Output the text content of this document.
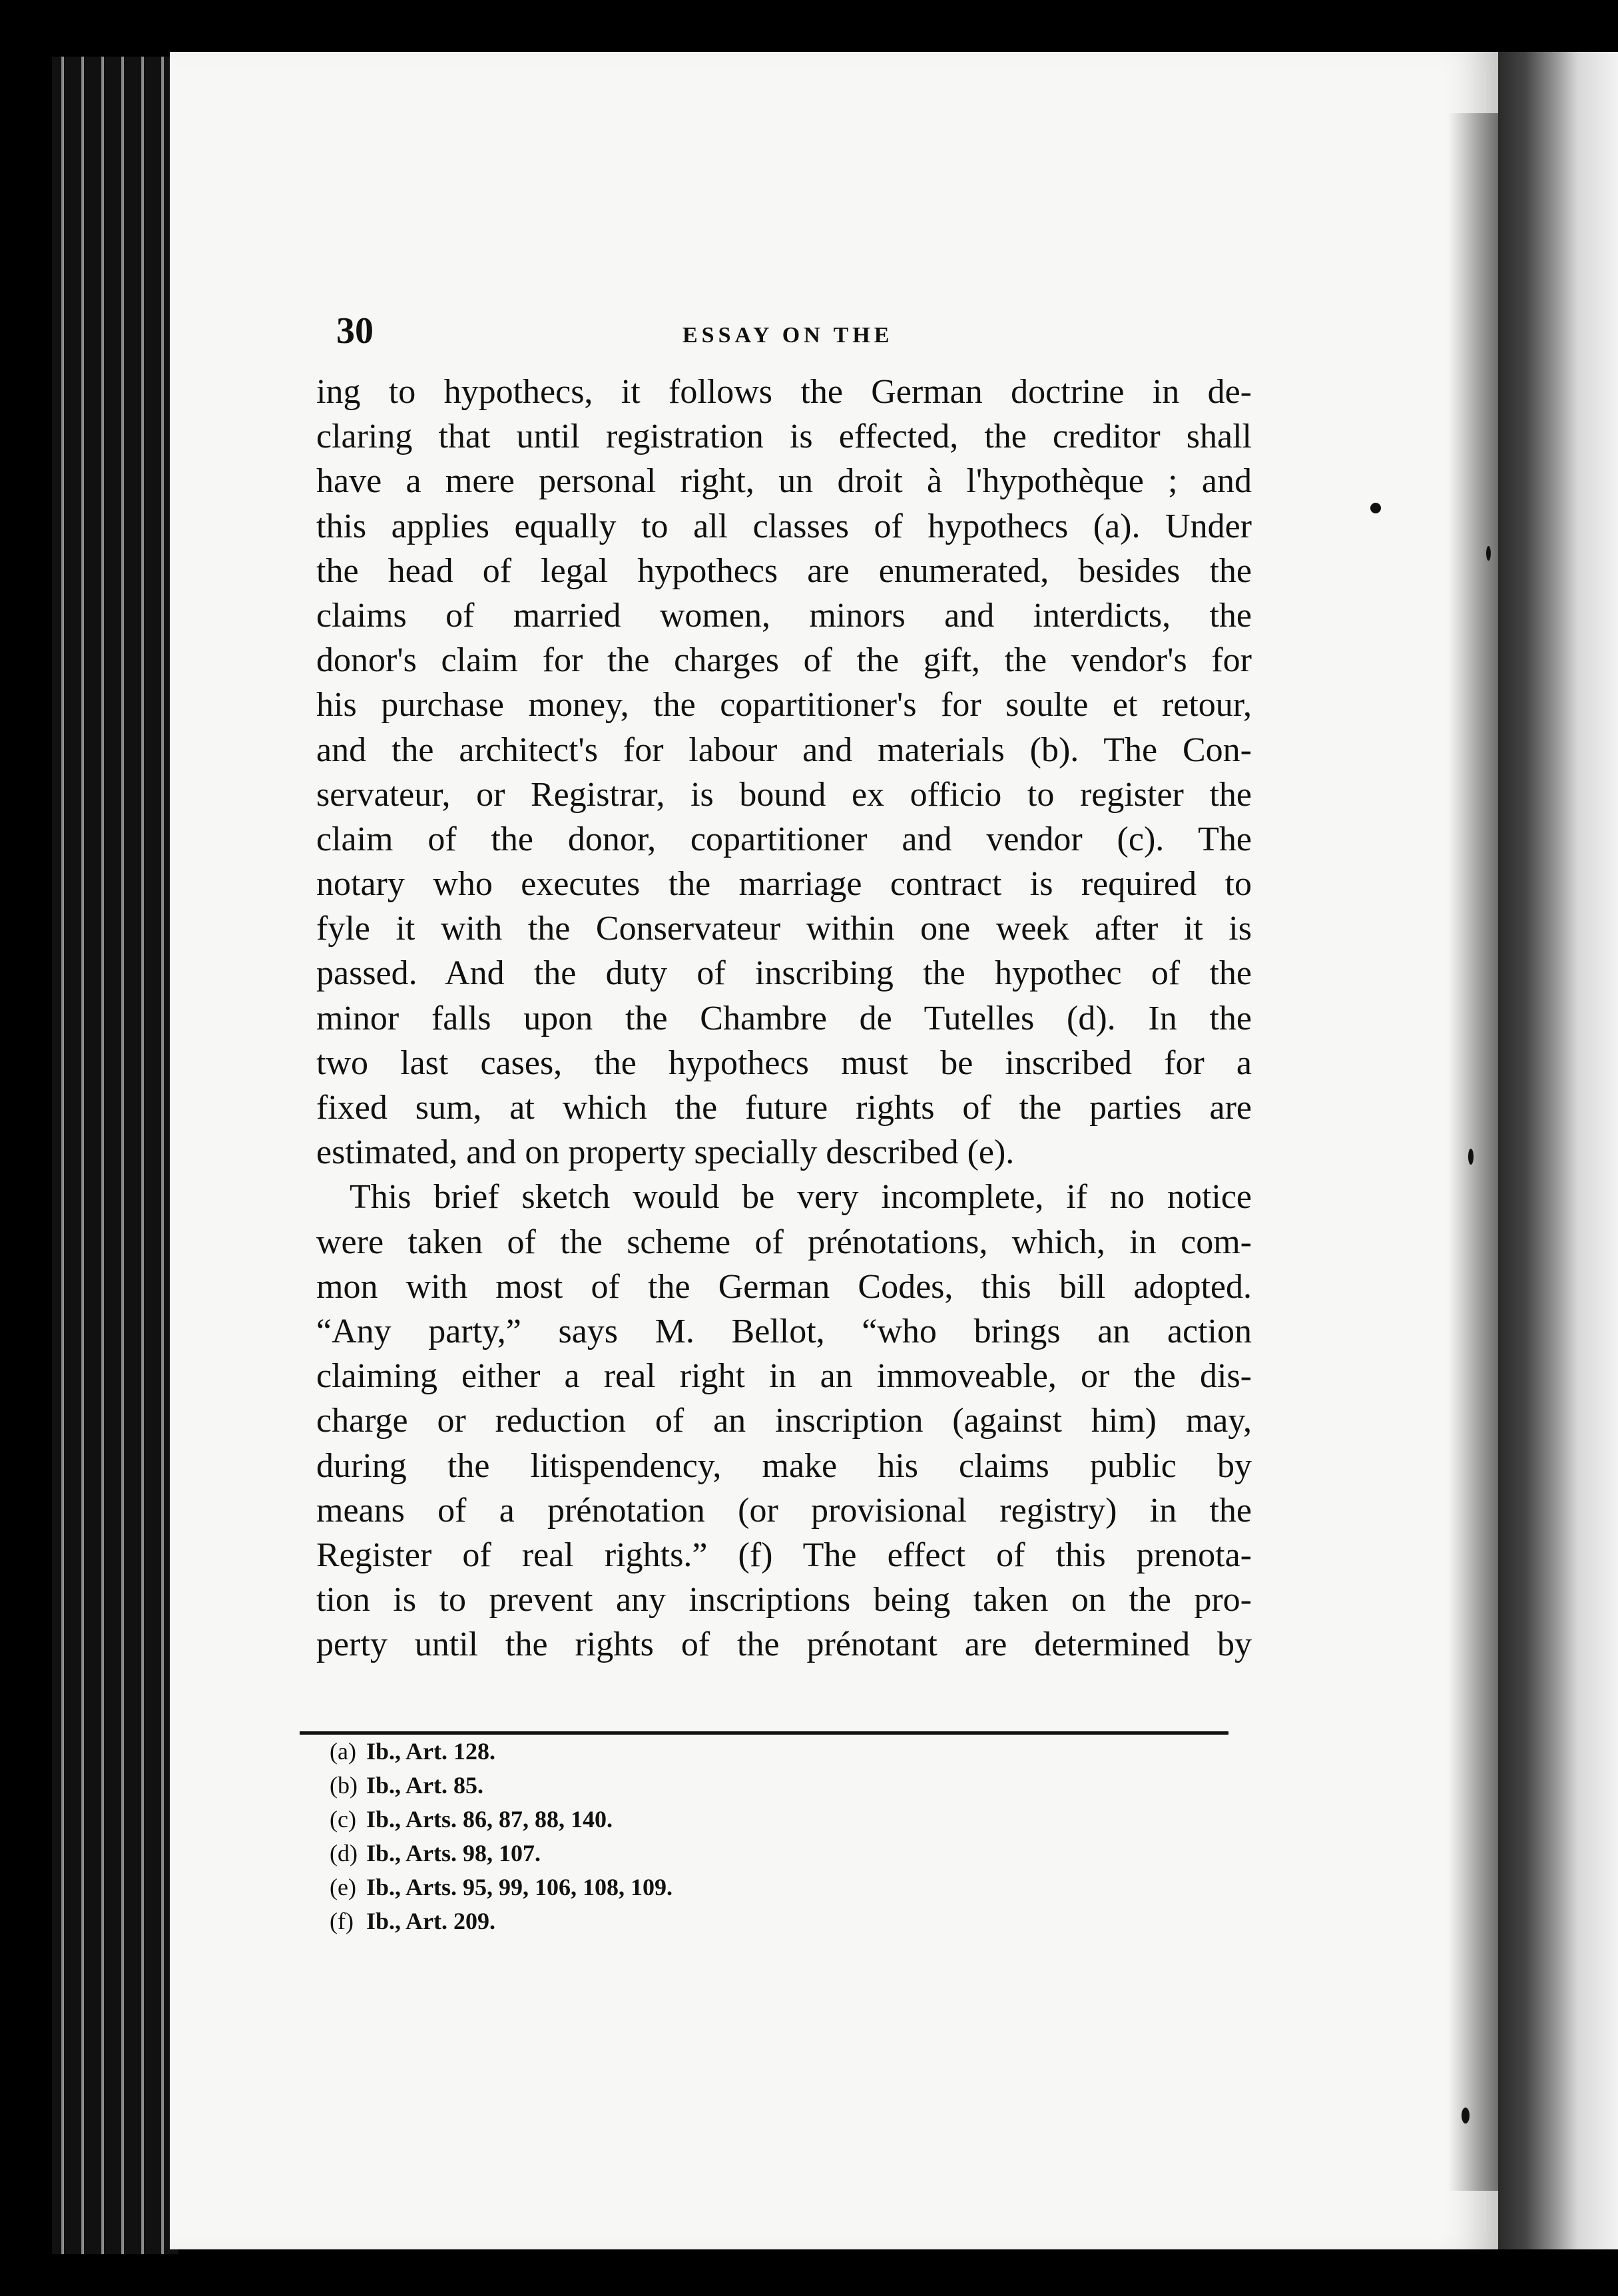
30	ESSAY ON THE
ing to hypothecs, it follows the German doctrine in de-
claring that until registration is effected, the creditor shall
have a mere personal right, un droit à l'hypothèque ; and
this applies equally to all classes of hypothecs (a). Under
the head of legal hypothecs are enumerated, besides the
claims of married women, minors and interdicts, the
donor's claim for the charges of the gift, the vendor's for
his purchase money, the copartitioner's for soulte et retour,
and the architect's for labour and materials (b). The Con-
servateur, or Registrar, is bound ex officio to register the
claim of the donor, copartitioner and vendor (c). The
notary who executes the marriage contract is required to
fyle it with the Conservateur within one week after it is
passed. And the duty of inscribing the hypothec of the
minor falls upon the Chambre de Tutelles (d). In the
two last cases, the hypothecs must be inscribed for a
fixed sum, at which the future rights of the parties are
estimated, and on property specially described (e).
This brief sketch would be very incomplete, if no notice
were taken of the scheme of prénotations, which, in com-
mon with most of the German Codes, this bill adopted.
“Any party,” says M. Bellot, “who brings an action
claiming either a real right in an immoveable, or the dis-
charge or reduction of an inscription (against him) may,
during the litispendency, make his claims public by
means of a prénotation (or provisional registry) in the
Register of real rights.” (f) The effect of this prenota-
tion is to prevent any inscriptions being taken on the pro-
perty until the rights of the prénotant are determined by
(a) Ib., Art. 128.
(b) Ib., Art. 85.
(c) Ib., Arts. 86, 87, 88, 140.
(d) Ib., Arts. 98, 107.
(e) Ib., Arts. 95, 99, 106, 108, 109.
(f) Ib., Art. 209.
